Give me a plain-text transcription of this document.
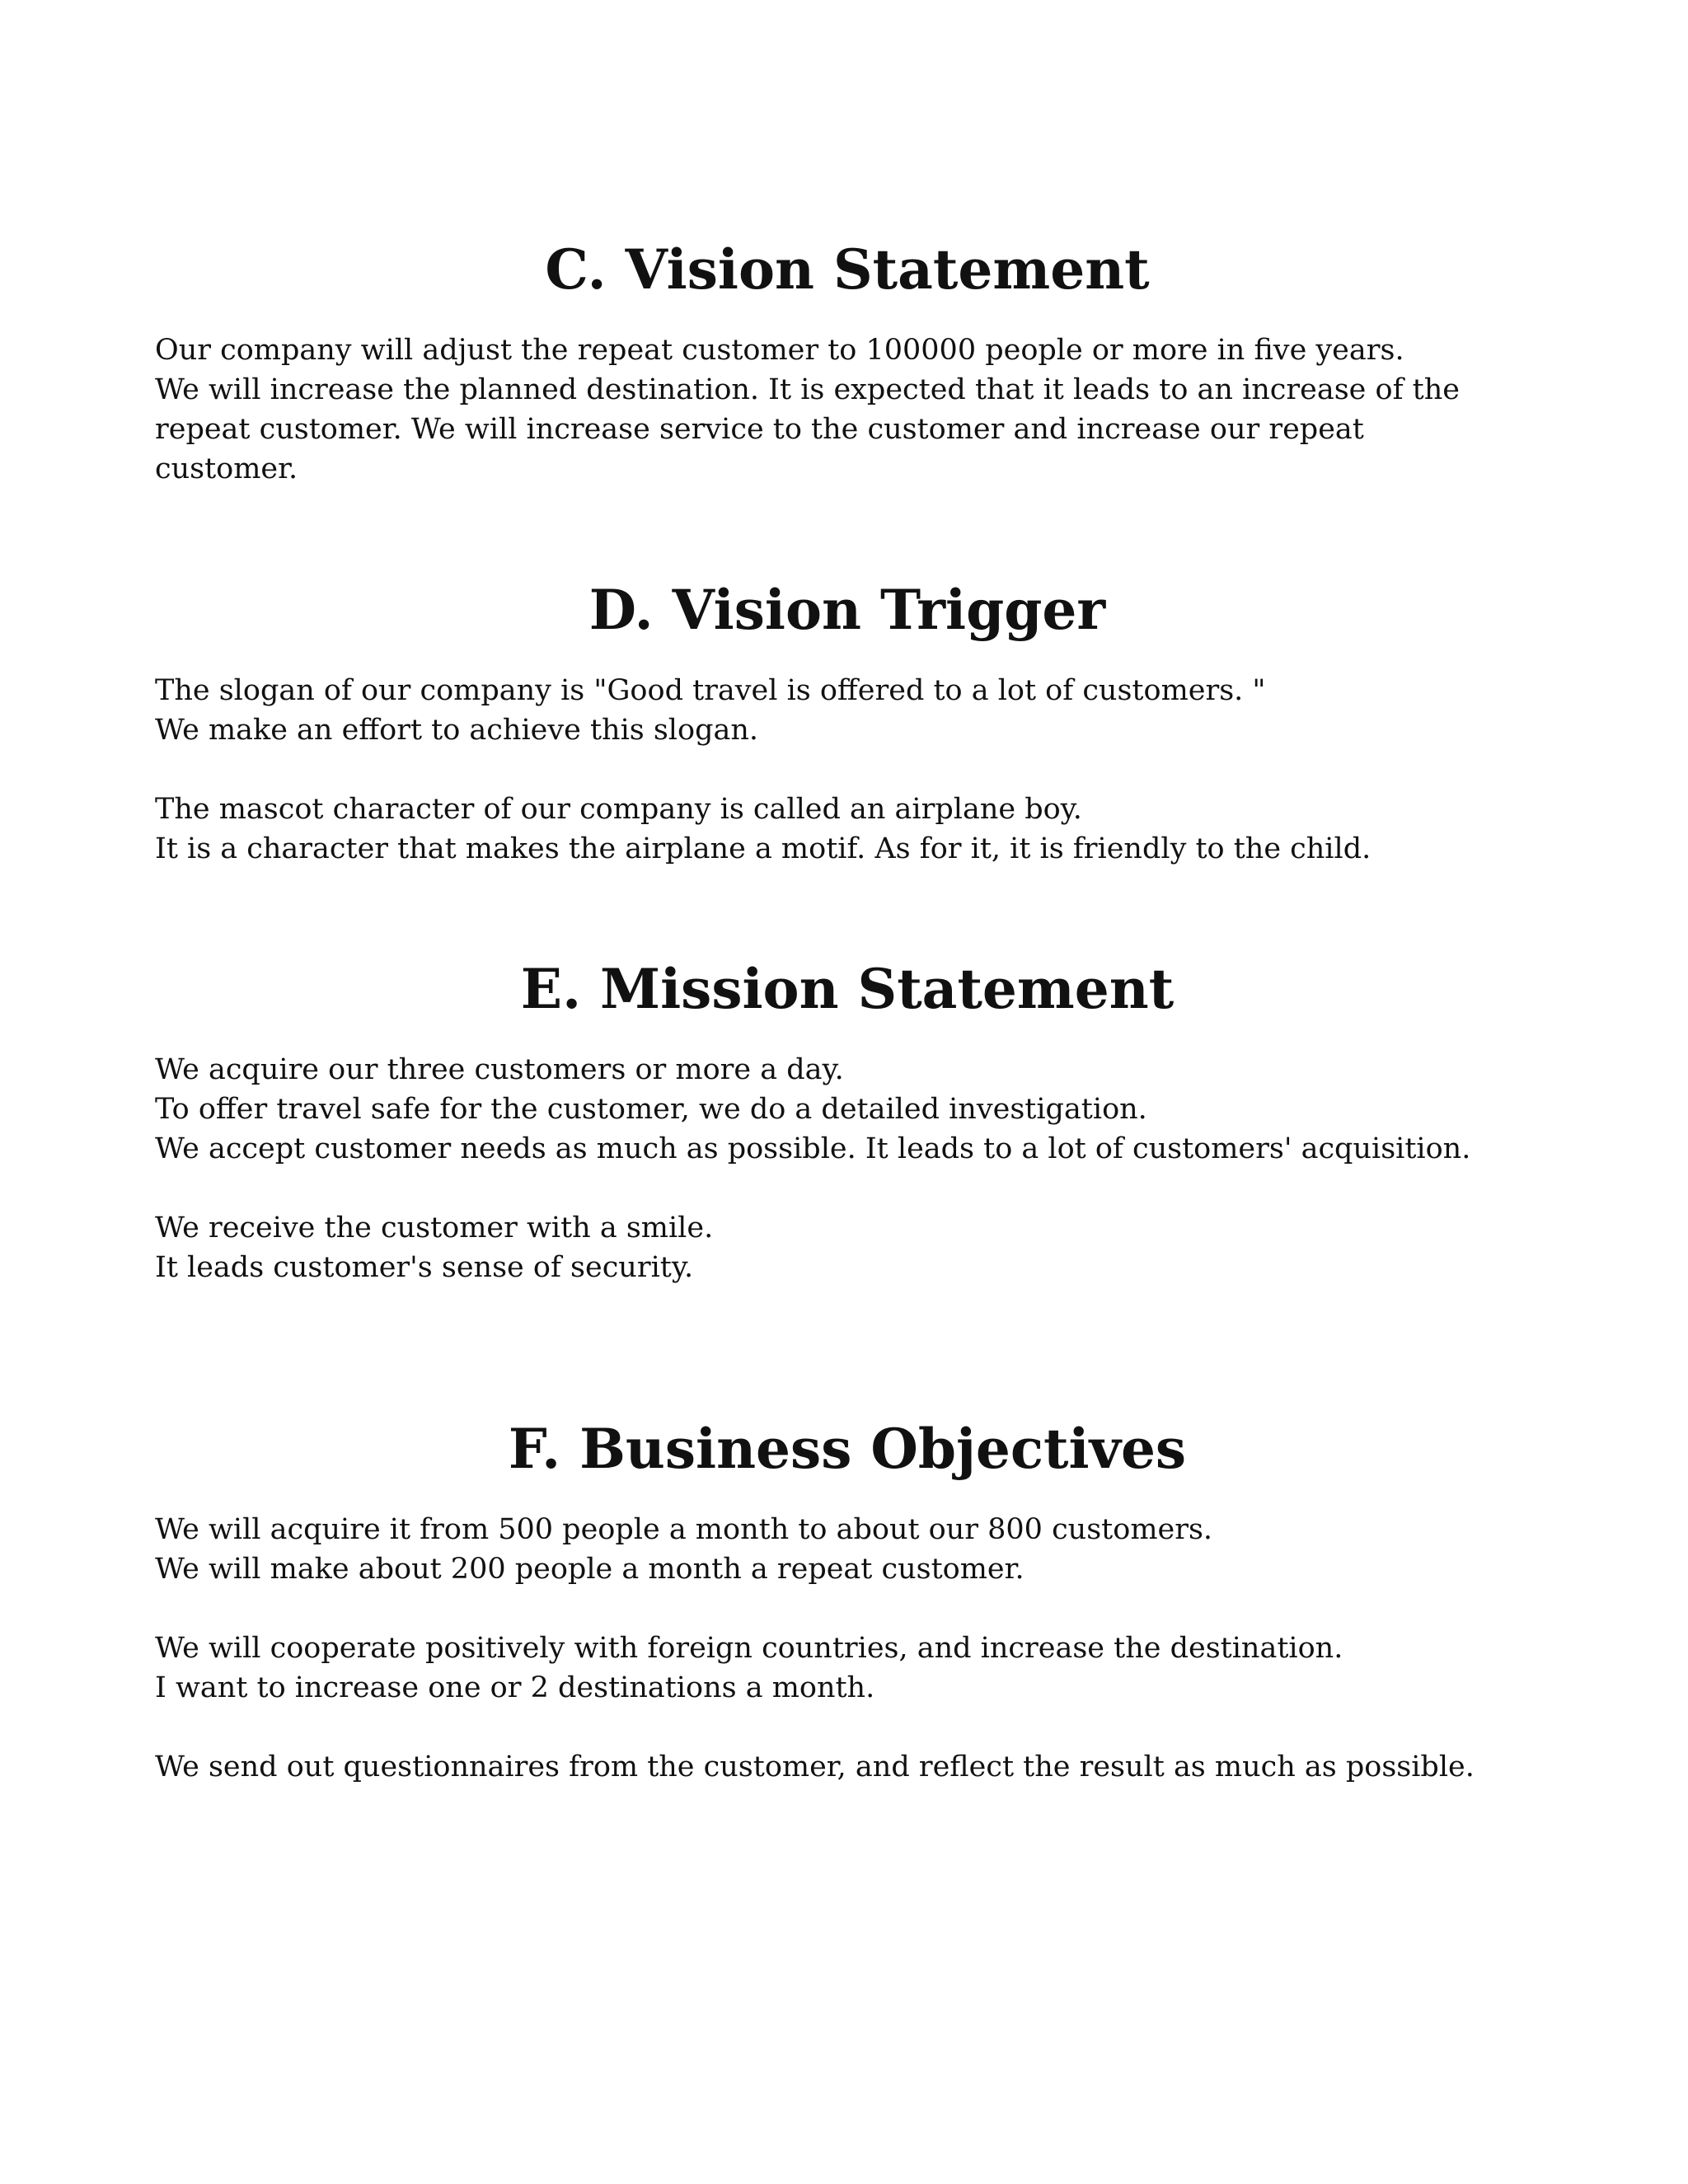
C. Vision Statement

Our company will adjust the repeat customer to 100000 people or more in five years.
We will increase the planned destination. It is expected that it leads to an increase of the
repeat customer. We will increase service to the customer and increase our repeat
customer.

D. Vision Trigger

The slogan of our company is "Good travel is offered to a lot of customers. "
We make an effort to achieve this slogan.

The mascot character of our company is called an airplane boy.
It is a character that makes the airplane a motif. As for it, it is friendly to the child.

E. Mission Statement

We acquire our three customers or more a day.
To offer travel safe for the customer, we do a detailed investigation.
We accept customer needs as much as possible. It leads to a lot of customers' acquisition.

We receive the customer with a smile.
It leads customer's sense of security.

F. Business Objectives

We will acquire it from 500 people a month to about our 800 customers.
We will make about 200 people a month a repeat customer.

We will cooperate positively with foreign countries, and increase the destination.
I want to increase one or 2 destinations a month.

We send out questionnaires from the customer, and reflect the result as much as possible.
